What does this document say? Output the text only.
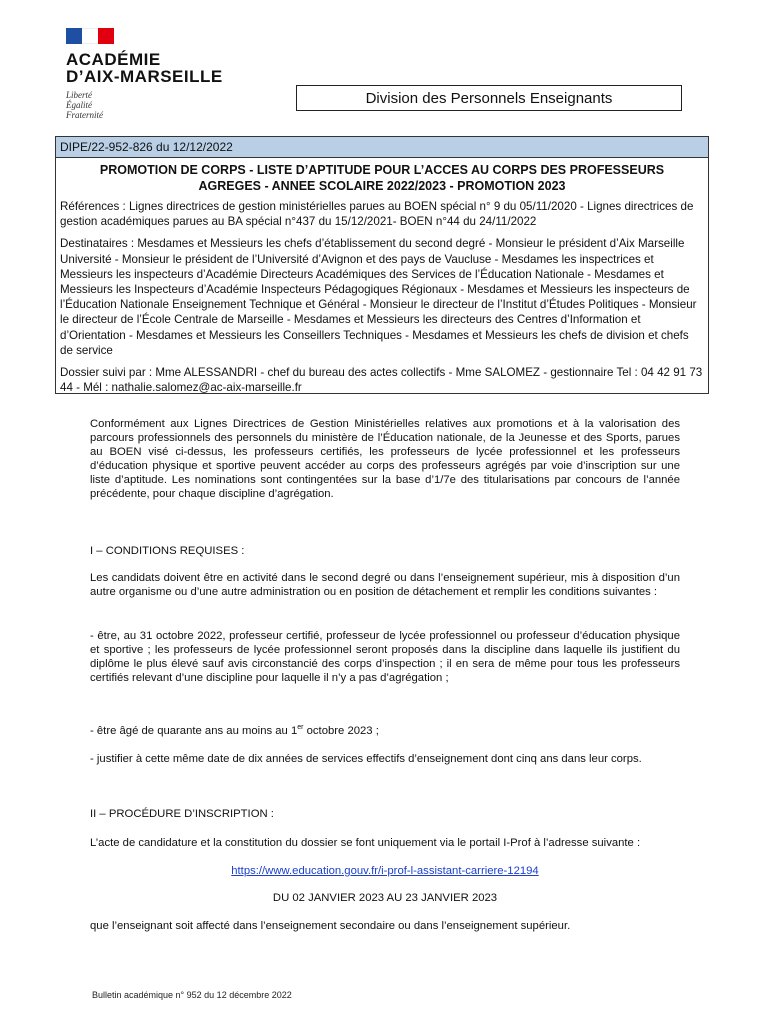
ACADÉMIE
D’AIX-MARSEILLE
Liberté
Égalité
Fraternité
Division des Personnels Enseignants
DIPE/22-952-826 du 12/12/2022
PROMOTION DE CORPS - LISTE D’APTITUDE POUR L’ACCES AU CORPS DES PROFESSEURS
AGREGES - ANNEE SCOLAIRE 2022/2023 - PROMOTION 2023
Références : Lignes directrices de gestion ministérielles parues au BOEN spécial n° 9 du 05/11/2020 - Lignes directrices de gestion académiques parues au BA spécial n°437 du 15/12/2021- BOEN n°44 du 24/11/2022
Destinataires : Mesdames et Messieurs les chefs d’établissement du second degré - Monsieur le président d’Aix Marseille Université - Monsieur le président de l’Université d’Avignon et des pays de Vaucluse - Mesdames les inspectrices et Messieurs les inspecteurs d’Académie Directeurs Académiques des Services de l’Éducation Nationale - Mesdames et Messieurs les Inspecteurs d’Académie Inspecteurs Pédagogiques Régionaux - Mesdames et Messieurs les inspecteurs de l’Éducation Nationale Enseignement Technique et Général - Monsieur le directeur de l’Institut d’Études Politiques - Monsieur le directeur de l’École Centrale de Marseille - Mesdames et Messieurs les directeurs des Centres d’Information et d’Orientation - Mesdames et Messieurs les Conseillers Techniques - Mesdames et Messieurs les chefs de division et chefs de service
Dossier suivi par : Mme ALESSANDRI - chef du bureau des actes collectifs - Mme SALOMEZ - gestionnaire Tel : 04 42 91 73 44 - Mél : nathalie.salomez@ac-aix-marseille.fr
Conformément aux Lignes Directrices de Gestion Ministérielles relatives aux promotions et à la valorisation des parcours professionnels des personnels du ministère de l’Éducation nationale, de la Jeunesse et des Sports, parues au BOEN visé ci-dessus, les professeurs certifiés, les professeurs de lycée professionnel et les professeurs d’éducation physique et sportive peuvent accéder au corps des professeurs agrégés par voie d’inscription sur une liste d’aptitude. Les nominations sont contingentées sur la base d’1/7e des titularisations par concours de l’année précédente, pour chaque discipline d’agrégation.
I – CONDITIONS REQUISES :
Les candidats doivent être en activité dans le second degré ou dans l’enseignement supérieur, mis à disposition d’un autre organisme ou d’une autre administration ou en position de détachement et remplir les conditions suivantes :
- être, au 31 octobre 2022, professeur certifié, professeur de lycée professionnel ou professeur d’éducation physique et sportive ; les professeurs de lycée professionnel seront proposés dans la discipline dans laquelle ils justifient du diplôme le plus élevé sauf avis circonstancié des corps d’inspection ; il en sera de même pour tous les professeurs certifiés relevant d’une discipline pour laquelle il n’y a pas d’agrégation ;
- être âgé de quarante ans au moins au 1er octobre 2023 ;
- justifier à cette même date de dix années de services effectifs d’enseignement dont cinq ans dans leur corps.
II – PROCÉDURE D’INSCRIPTION :
L’acte de candidature et la constitution du dossier se font uniquement via le portail I-Prof à l’adresse suivante :
https://www.education.gouv.fr/i-prof-l-assistant-carriere-12194
DU 02 JANVIER 2023 AU 23 JANVIER 2023
que l’enseignant soit affecté dans l’enseignement secondaire ou dans l’enseignement supérieur.
Bulletin académique n° 952 du 12 décembre 2022
